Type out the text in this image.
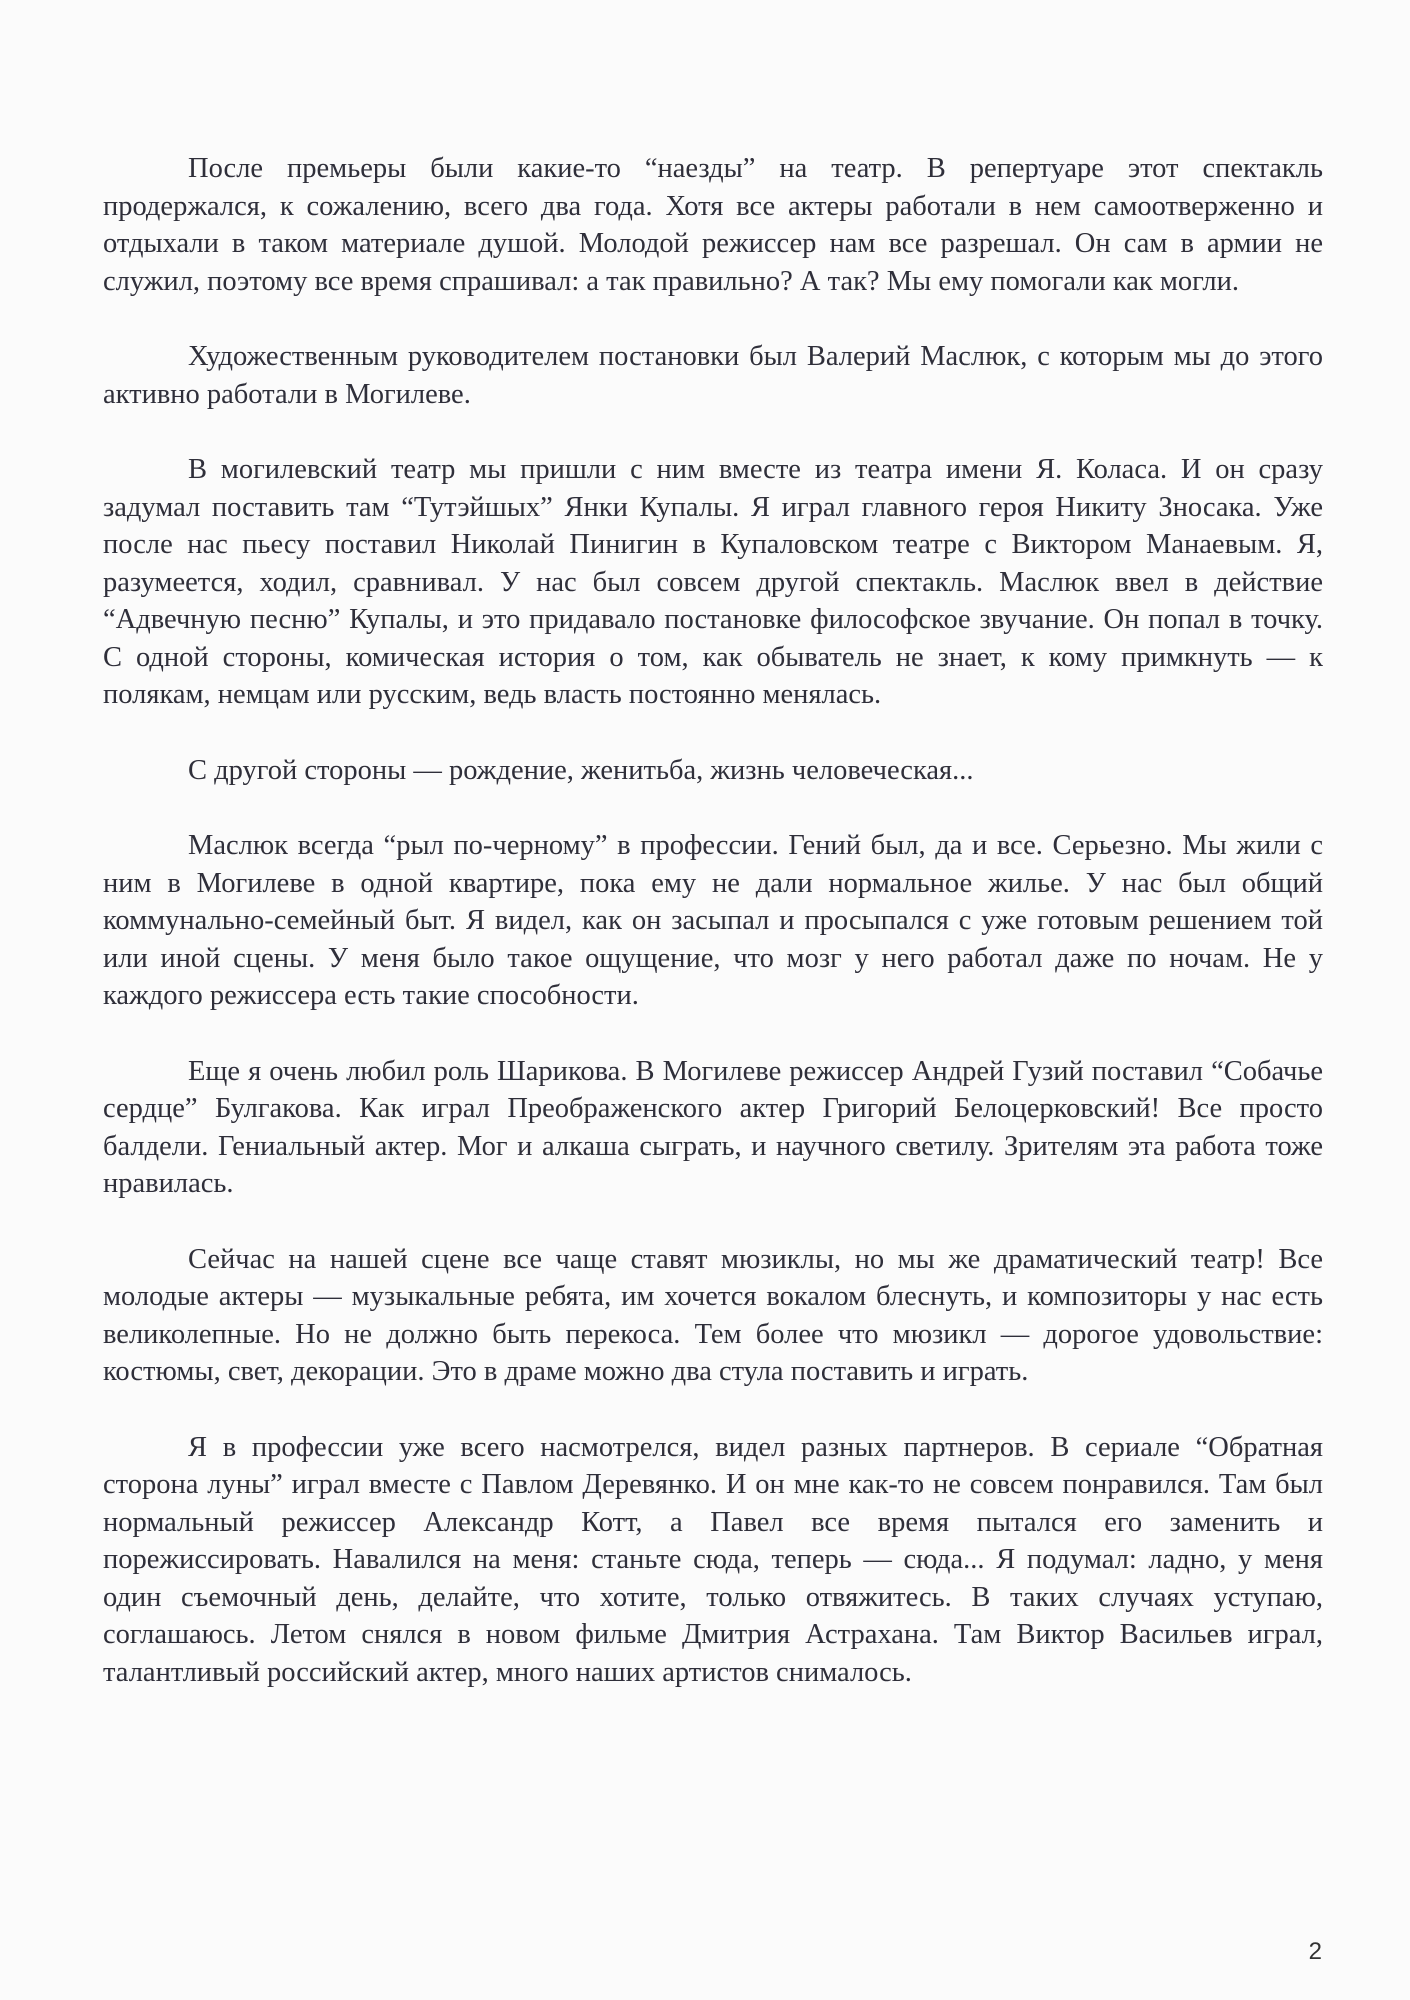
После премьеры были какие-то “наезды” на театр. В репертуаре этот спектакль продержался, к сожалению, всего два года. Хотя все актеры работали в нем самоотверженно и отдыхали в таком материале душой. Молодой режиссер нам все разрешал. Он сам в армии не служил, поэтому все время спрашивал: а так правильно? А так? Мы ему помогали как могли.

Художественным руководителем постановки был Валерий Маслюк, с которым мы до этого активно работали в Могилеве.

В могилевский театр мы пришли с ним вместе из театра имени Я. Коласа. И он сразу задумал поставить там “Тутэйшых” Янки Купалы. Я играл главного героя Никиту Зносака. Уже после нас пьесу поставил Николай Пинигин в Купаловском театре с Виктором Манаевым. Я, разумеется, ходил, сравнивал. У нас был совсем другой спектакль. Маслюк ввел в действие “Адвечную песню” Купалы, и это придавало постановке философское звучание. Он попал в точку. С одной стороны, комическая история о том, как обыватель не знает, к кому примкнуть — к полякам, немцам или русским, ведь власть постоянно менялась.

С другой стороны — рождение, женитьба, жизнь человеческая...

Маслюк всегда “рыл по-черному” в профессии. Гений был, да и все. Серьезно. Мы жили с ним в Могилеве в одной квартире, пока ему не дали нормальное жилье. У нас был общий коммунально-семейный быт. Я видел, как он засыпал и просыпался с уже готовым решением той или иной сцены. У меня было такое ощущение, что мозг у него работал даже по ночам. Не у каждого режиссера есть такие способности.

Еще я очень любил роль Шарикова. В Могилеве режиссер Андрей Гузий поставил “Собачье сердце” Булгакова. Как играл Преображенского актер Григорий Белоцерковский! Все просто балдели. Гениальный актер. Мог и алкаша сыграть, и научного светилу. Зрителям эта работа тоже нравилась.

Сейчас на нашей сцене все чаще ставят мюзиклы, но мы же драматический театр! Все молодые актеры — музыкальные ребята, им хочется вокалом блеснуть, и композиторы у нас есть великолепные. Но не должно быть перекоса. Тем более что мюзикл — дорогое удовольствие: костюмы, свет, декорации. Это в драме можно два стула поставить и играть.

Я в профессии уже всего насмотрелся, видел разных партнеров. В сериале “Обратная сторона луны” играл вместе с Павлом Деревянко. И он мне как-то не совсем понравился. Там был нормальный режиссер Александр Котт, а Павел все время пытался его заменить и порежиссировать. Навалился на меня: станьте сюда, теперь — сюда... Я подумал: ладно, у меня один съемочный день, делайте, что хотите, только отвяжитесь. В таких случаях уступаю, соглашаюсь. Летом снялся в новом фильме Дмитрия Астрахана. Там Виктор Васильев играл, талантливый российский актер, много наших артистов снималось.

2
